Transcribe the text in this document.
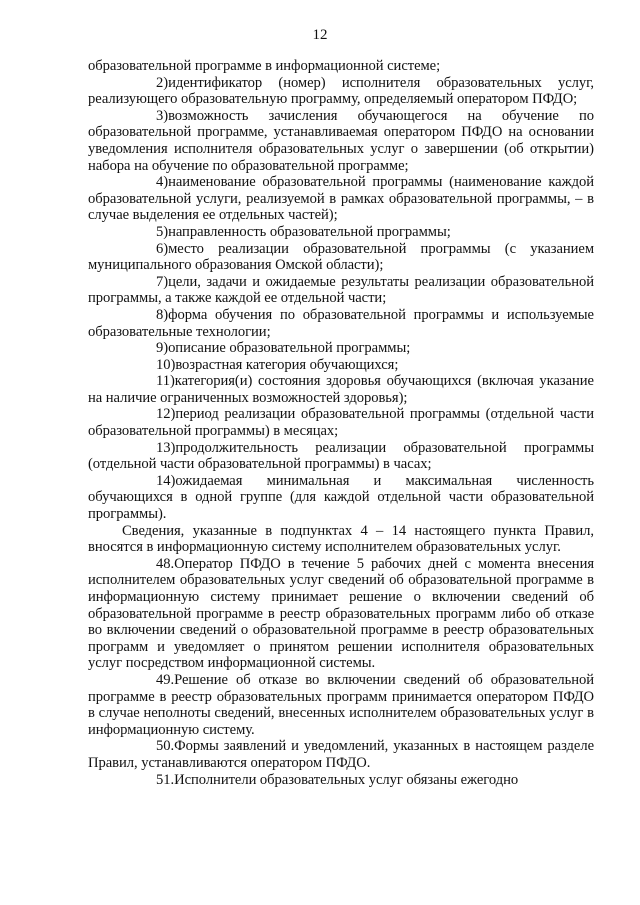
12

образовательной программе в информационной системе;

2)идентификатор (номер) исполнителя образовательных услуг, реализующего образовательную программу, определяемый оператором ПФДО;

3)возможность зачисления обучающегося на обучение по образовательной программе, устанавливаемая оператором ПФДО на основании уведомления исполнителя образовательных услуг о завершении (об открытии) набора на обучение по образовательной программе;

4)наименование образовательной программы (наименование каждой образовательной услуги, реализуемой в рамках образовательной программы, – в случае выделения ее отдельных частей);

5)направленность образовательной программы;

6)место реализации образовательной программы (с указанием муниципального образования Омской области);

7)цели, задачи и ожидаемые результаты реализации образовательной программы, а также каждой ее отдельной части;

8)форма обучения по образовательной программы и используемые образовательные технологии;

9)описание образовательной программы;

10)возрастная категория обучающихся;

11)категория(и) состояния здоровья обучающихся (включая указание на наличие ограниченных возможностей здоровья);

12)период реализации образовательной программы (отдельной части образовательной программы) в месяцах;

13)продолжительность реализации образовательной программы (отдельной части образовательной программы) в часах;

14)ожидаемая минимальная и максимальная численность обучающихся в одной группе (для каждой отдельной части образовательной программы).

Сведения, указанные в подпунктах 4 – 14 настоящего пункта Правил, вносятся в информационную систему исполнителем образовательных услуг.

48.Оператор ПФДО в течение 5 рабочих дней с момента внесения исполнителем образовательных услуг сведений об образовательной программе в информационную систему принимает решение о включении сведений об образовательной программе в реестр образовательных программ либо об отказе во включении сведений о образовательной программе в реестр образовательных программ и уведомляет о принятом решении исполнителя образовательных услуг посредством информационной системы.

49.Решение об отказе во включении сведений об образовательной программе в реестр образовательных программ принимается оператором ПФДО в случае неполноты сведений, внесенных исполнителем образовательных услуг в информационную систему.

50.Формы заявлений и уведомлений, указанных в настоящем разделе Правил, устанавливаются оператором ПФДО.

51.Исполнители образовательных услуг обязаны ежегодно
